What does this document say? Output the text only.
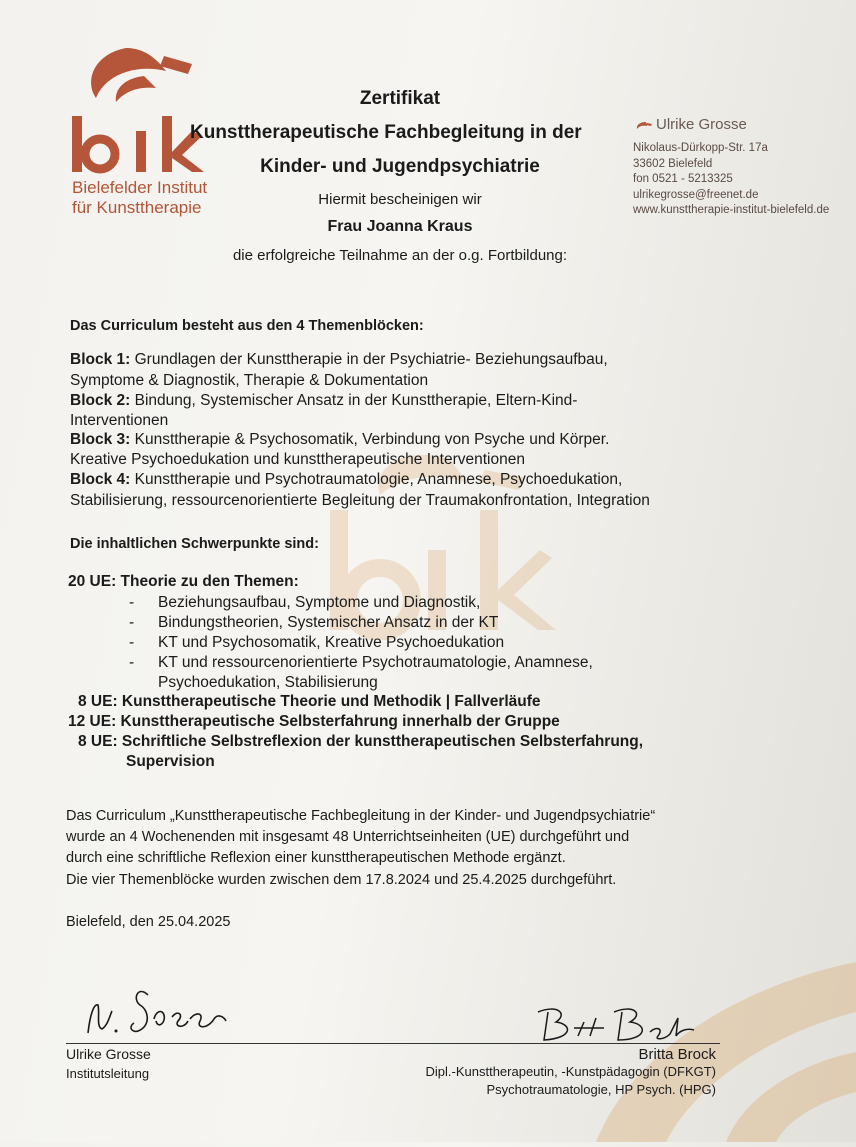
Bielefelder Institut
für Kunsttherapie
Zertifikat
Kunsttherapeutische Fachbegleitung in der
Kinder- und Jugendpsychiatrie
Hiermit bescheinigen wir
Frau Joanna Kraus
die erfolgreiche Teilnahme an der o.g. Fortbildung:
Ulrike Grosse
Nikolaus-Dürkopp-Str. 17a
33602 Bielefeld
fon 0521 - 5213325
ulrikegrosse@freenet.de
www.kunsttherapie-institut-bielefeld.de
Das Curriculum besteht aus den 4 Themenblöcken:
Block 1: Grundlagen der Kunsttherapie in der Psychiatrie- Beziehungsaufbau,
Symptome & Diagnostik, Therapie & Dokumentation
Block 2: Bindung, Systemischer Ansatz in der Kunsttherapie, Eltern-Kind-
Interventionen
Block 3: Kunsttherapie & Psychosomatik, Verbindung von Psyche und Körper.
Kreative Psychoedukation und kunsttherapeutische Interventionen
Block 4: Kunsttherapie und Psychotraumatologie, Anamnese, Psychoedukation,
Stabilisierung, ressourcenorientierte Begleitung der Traumakonfrontation, Integration
Die inhaltlichen Schwerpunkte sind:
20 UE: Theorie zu den Themen:
- Beziehungsaufbau, Symptome und Diagnostik,
- Bindungstheorien, Systemischer Ansatz in der KT
- KT und Psychosomatik, Kreative Psychoedukation
- KT und ressourcenorientierte Psychotraumatologie, Anamnese,
Psychoedukation, Stabilisierung
8 UE: Kunsttherapeutische Theorie und Methodik | Fallverläufe
12 UE: Kunsttherapeutische Selbsterfahrung innerhalb der Gruppe
8 UE: Schriftliche Selbstreflexion der kunsttherapeutischen Selbsterfahrung,
Supervision
Das Curriculum „Kunsttherapeutische Fachbegleitung in der Kinder- und Jugendpsychiatrie“
wurde an 4 Wochenenden mit insgesamt 48 Unterrichtseinheiten (UE) durchgeführt und
durch eine schriftliche Reflexion einer kunsttherapeutischen Methode ergänzt.
Die vier Themenblöcke wurden zwischen dem 17.8.2024 und 25.4.2025 durchgeführt.
Bielefeld, den 25.04.2025
Ulrike Grosse
Institutsleitung
Britta Brock
Dipl.-Kunsttherapeutin, -Kunstpädagogin (DFKGT)
Psychotraumatologie, HP Psych. (HPG)
